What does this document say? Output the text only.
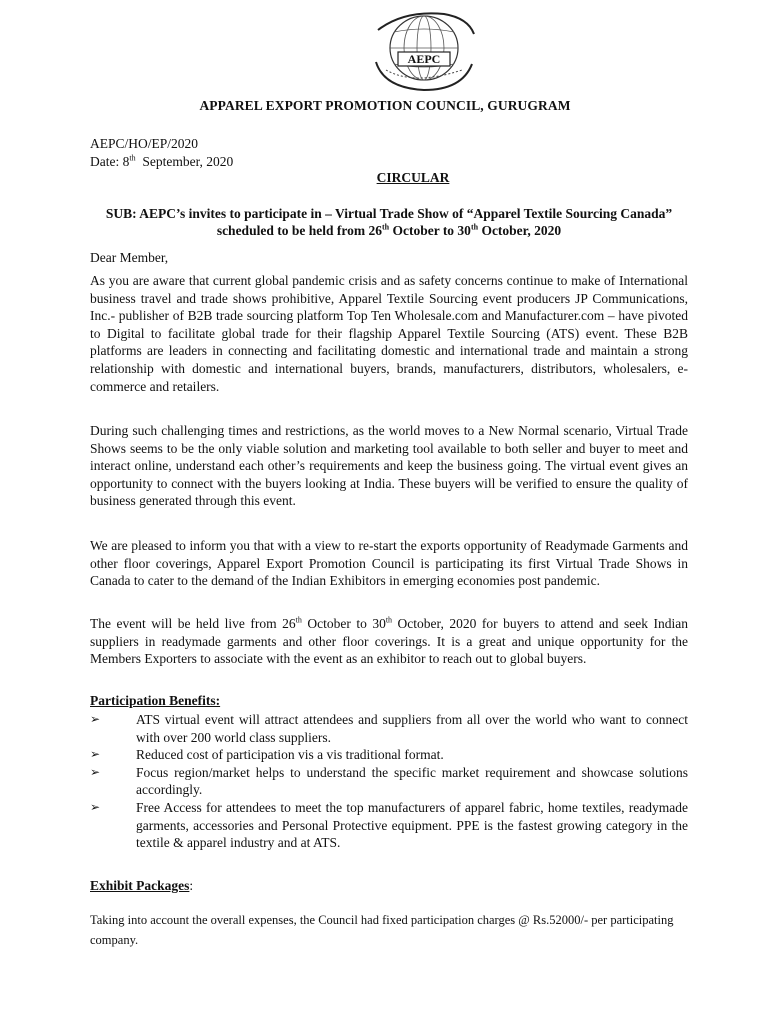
AEPC
APPAREL EXPORT PROMOTION COUNCIL, GURUGRAM
AEPC/HO/EP/2020
Date: 8th  September, 2020
CIRCULAR
SUB: AEPC’s invites to participate in – Virtual Trade Show of “Apparel Textile Sourcing Canada” scheduled to be held from 26th October to 30th October, 2020
Dear Member,

As you are aware that current global pandemic crisis and as safety concerns continue to make of International business travel and trade shows prohibitive, Apparel Textile Sourcing event producers JP Communications, Inc.- publisher of B2B trade sourcing platform Top Ten Wholesale.com and Manufacturer.com – have pivoted to Digital to facilitate global trade for their flagship Apparel Textile Sourcing (ATS) event. These B2B platforms are leaders in connecting and facilitating domestic and international trade and maintain a strong relationship with domestic and international buyers, brands, manufacturers, distributors, wholesalers, e-commerce and retailers.

During such challenging times and restrictions, as the world moves to a New Normal scenario, Virtual Trade Shows seems to be the only viable solution and marketing tool available to both seller and buyer to meet and interact online, understand each other’s requirements and keep the business going. The virtual event gives an opportunity to connect with the buyers looking at India. These buyers will be verified to ensure the quality of business generated through this event.

We are pleased to inform you that with a view to re-start the exports opportunity of Readymade Garments and other floor coverings, Apparel Export Promotion Council is participating its first Virtual Trade Shows in Canada to cater to the demand of the Indian Exhibitors in emerging economies post pandemic.

The event will be held live from 26th October to 30th October, 2020 for buyers to attend and seek Indian suppliers in readymade garments and other floor coverings. It is a great and unique opportunity for the Members Exporters to associate with the event as an exhibitor to reach out to global buyers.

Participation Benefits:
➢	ATS virtual event will attract attendees and suppliers from all over the world who want to connect with over 200 world class suppliers.
➢	Reduced cost of participation vis a vis traditional format.
➢	Focus region/market helps to understand the specific market requirement and showcase solutions accordingly.
➢	Free Access for attendees to meet the top manufacturers of apparel fabric, home textiles, readymade garments, accessories and Personal Protective equipment. PPE is the fastest growing category in the textile & apparel industry and at ATS.
Exhibit Packages:
Taking into account the overall expenses, the Council had fixed participation charges @ Rs.52000/- per participating company.
